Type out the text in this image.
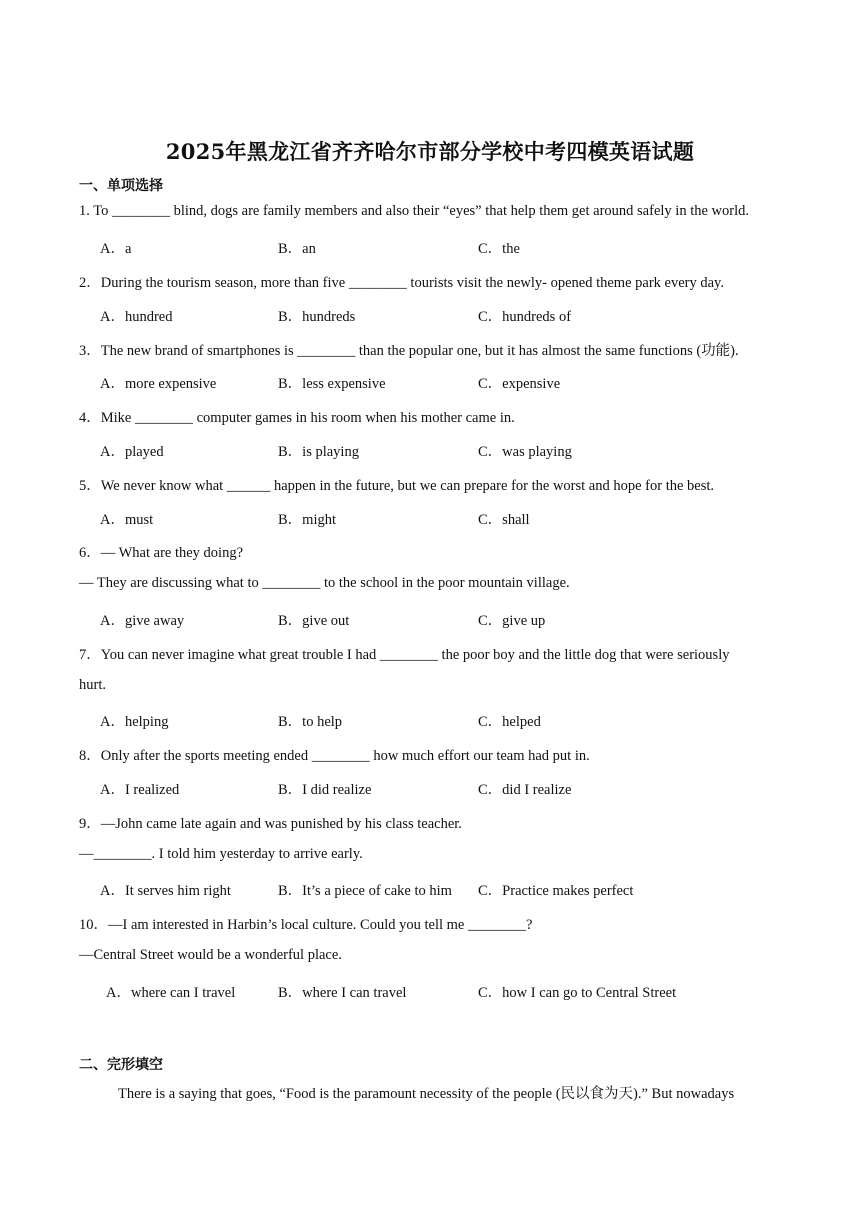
2025年黑龙江省齐齐哈尔市部分学校中考四模英语试题
一、单项选择
1. To ________ blind, dogs are family members and also their “eyes” that help them get around safely in the world.
A．a	B．an	C．the
2．During the tourism season, more than five ________ tourists visit the newly- opened theme park every day.
A．hundred	B．hundreds	C．hundreds of
3．The new brand of smartphones is ________ than the popular one, but it has almost the same functions (功能).
A．more expensive	B．less expensive	C．expensive
4．Mike ________ computer games in his room when his mother came in.
A．played	B．is playing	C．was playing
5．We never know what ______ happen in the future, but we can prepare for the worst and hope for the best.
A．must	B．might	C．shall
6．— What are they doing?
— They are discussing what to ________ to the school in the poor mountain village.
A．give away	B．give out	C．give up
7．You can never imagine what great trouble I had ________ the poor boy and the little dog that were seriously
hurt.
A．helping	B．to help	C．helped
8．Only after the sports meeting ended ________ how much effort our team had put in.
A．I realized	B．I did realize	C．did I realize
9．—John came late again and was punished by his class teacher.
—________. I told him yesterday to arrive early.
A．It serves him right	B．It’s a piece of cake to him C．Practice makes perfect
10．—I am interested in Harbin’s local culture. Could you tell me ________?
—Central Street would be a wonderful place.
A．where can I travel	B．where I can travel	C．how I can go to Central Street
二、完形填空
There is a saying that goes, “Food is the paramount necessity of the people (民以食为天).” But nowadays
